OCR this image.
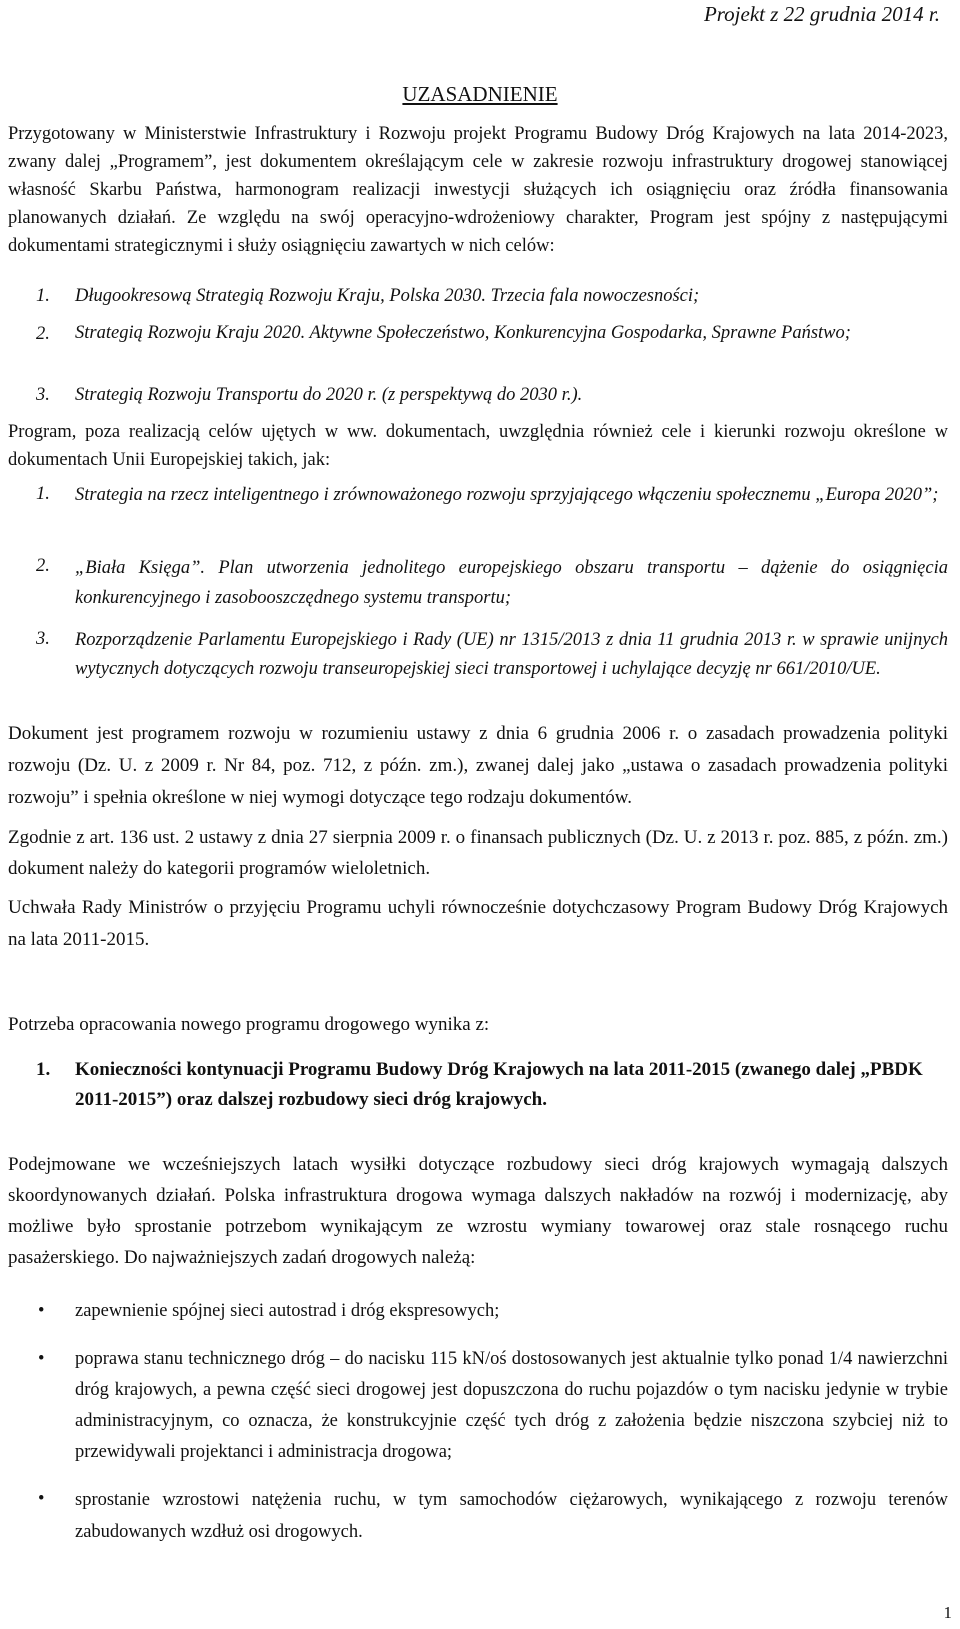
Projekt z 22 grudnia 2014 r.
UZASADNIENIE
Przygotowany w Ministerstwie Infrastruktury i Rozwoju projekt Programu Budowy Dróg Krajowych na lata 2014-2023, zwany dalej „Programem”, jest dokumentem określającym cele w zakresie rozwoju infrastruktury drogowej stanowiącej własność Skarbu Państwa, harmonogram realizacji inwestycji służących ich osiągnięciu oraz źródła finansowania planowanych działań. Ze względu na swój operacyjno-wdrożeniowy charakter, Program jest spójny z następującymi dokumentami strategicznymi i służy osiągnięciu zawartych w nich celów:
1. Długookresową Strategią Rozwoju Kraju, Polska 2030. Trzecia fala nowoczesności;
2. Strategią Rozwoju Kraju 2020. Aktywne Społeczeństwo, Konkurencyjna Gospodarka, Sprawne Państwo;
3. Strategią Rozwoju Transportu do 2020 r. (z perspektywą do 2030 r.).
Program, poza realizacją celów ujętych w ww. dokumentach, uwzględnia również cele i kierunki rozwoju określone w dokumentach Unii Europejskiej takich, jak:
1. Strategia na rzecz inteligentnego i zrównoważonego rozwoju sprzyjającego włączeniu społecznemu „Europa 2020”;
2. „Biała Księga”. Plan utworzenia jednolitego europejskiego obszaru transportu – dążenie do osiągnięcia konkurencyjnego i zasobooszczędnego systemu transportu;
3. Rozporządzenie Parlamentu Europejskiego i Rady (UE) nr 1315/2013 z dnia 11 grudnia 2013 r. w sprawie unijnych wytycznych dotyczących rozwoju transeuropejskiej sieci transportowej i uchylające decyzję nr 661/2010/UE.
Dokument jest programem rozwoju w rozumieniu ustawy z dnia 6 grudnia 2006 r. o zasadach prowadzenia polityki rozwoju (Dz. U. z 2009 r. Nr 84, poz. 712, z późn. zm.), zwanej dalej jako „ustawa o zasadach prowadzenia polityki rozwoju” i spełnia określone w niej wymogi dotyczące tego rodzaju dokumentów.
Zgodnie z art. 136 ust. 2 ustawy z dnia 27 sierpnia 2009 r. o finansach publicznych (Dz. U. z 2013 r. poz. 885, z późn. zm.) dokument należy do kategorii programów wieloletnich.
Uchwała Rady Ministrów o przyjęciu Programu uchyli równocześnie dotychczasowy Program Budowy Dróg Krajowych na lata 2011-2015.
Potrzeba opracowania nowego programu drogowego wynika z:
1. Konieczności kontynuacji Programu Budowy Dróg Krajowych na lata 2011-2015 (zwanego dalej „PBDK 2011-2015”) oraz dalszej rozbudowy sieci dróg krajowych.
Podejmowane we wcześniejszych latach wysiłki dotyczące rozbudowy sieci dróg krajowych wymagają dalszych skoordynowanych działań. Polska infrastruktura drogowa wymaga dalszych nakładów na rozwój i modernizację, aby możliwe było sprostanie potrzebom wynikającym ze wzrostu wymiany towarowej oraz stale rosnącego ruchu pasażerskiego. Do najważniejszych zadań drogowych należą:
• zapewnienie spójnej sieci autostrad i dróg ekspresowych;
• poprawa stanu technicznego dróg – do nacisku 115 kN/oś dostosowanych jest aktualnie tylko ponad 1/4 nawierzchni dróg krajowych, a pewna część sieci drogowej jest dopuszczona do ruchu pojazdów o tym nacisku jedynie w trybie administracyjnym, co oznacza, że konstrukcyjnie część tych dróg z założenia będzie niszczona szybciej niż to przewidywali projektanci i administracja drogowa;
• sprostanie wzrostowi natężenia ruchu, w tym samochodów ciężarowych, wynikającego z rozwoju terenów zabudowanych wzdłuż osi drogowych.
1
